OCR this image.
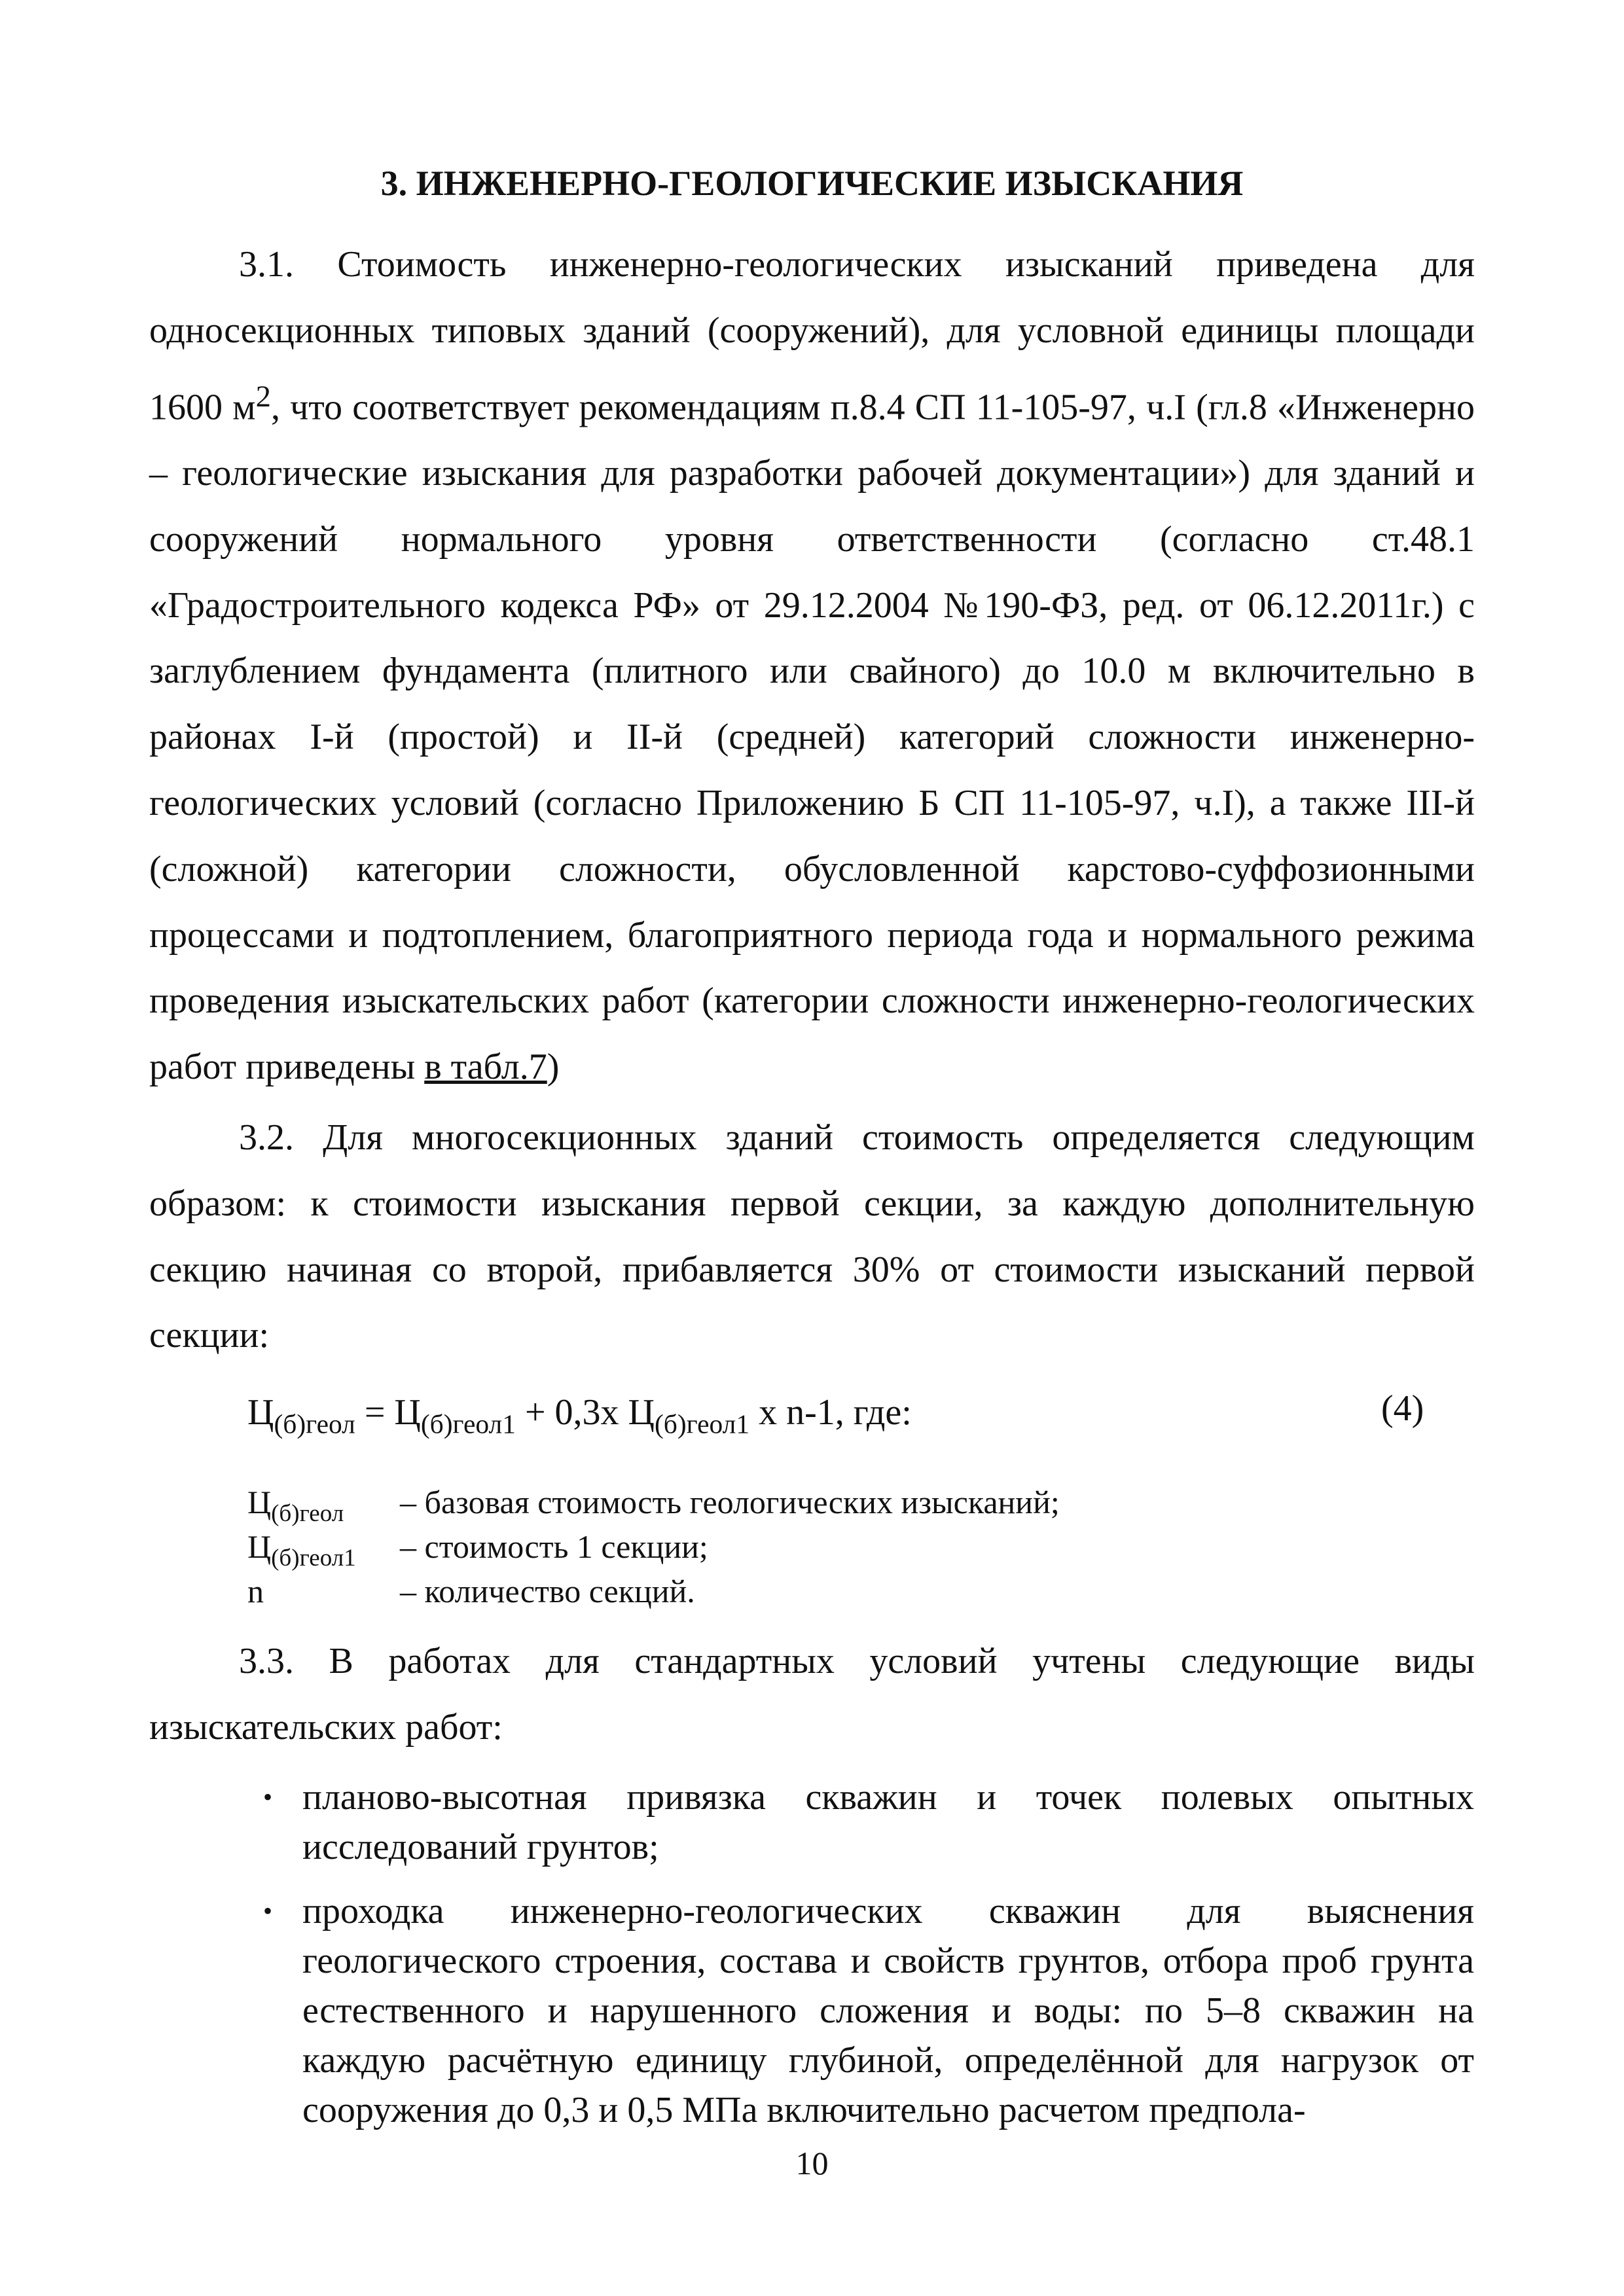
3. ИНЖЕНЕРНО-ГЕОЛОГИЧЕСКИЕ ИЗЫСКАНИЯ

3.1. Стоимость инженерно-геологических изысканий приведена для односекционных типовых зданий (сооружений), для условной единицы площади 1600 $м^2$, что соответствует рекомендациям п.8.4 СП 11-105-97, ч.I (гл.8 «Инженерно – геологические изыскания для разработки рабочей документации») для зданий и сооружений нормального уровня ответственности (согласно ст.48.1 «Градостроительного кодекса РФ» от 29.12.2004 №190-ФЗ, ред. от 06.12.2011г.) с заглублением фундамента (плитного или свайного) до 10.0 м включительно в районах I-й (простой) и II-й (средней) категорий сложности инженерно-геологических условий (согласно Приложению Б СП 11-105-97, ч.I), а также III-й (сложной) категории сложности, обусловленной карстово-суффозионными процессами и подтоплением, благоприятного периода года и нормального режима проведения изыскательских работ (категории сложности инженерно-геологических работ приведены в табл.7)

3.2. Для многосекционных зданий стоимость определяется следующим образом: к стоимости изыскания первой секции, за каждую дополнительную секцию начиная со второй, прибавляется 30% от стоимости изысканий первой секции:

$Ц_{(б)геол} = Ц_{(б)геол1} + 0,3х$ $Ц_{(б)геол1}$ х n-1, где:	(4)
$Ц_{(б)геол}$ – базовая стоимость геологических изысканий;
$Ц_{(б)геол1}$ – стоимость 1 секции;
n	– количество секций.

3.3. В работах для стандартных условий учтены следующие виды изыскательских работ:

• планово-высотная привязка скважин и точек полевых опытных исследований грунтов;
• проходка инженерно-геологических скважин для выяснения геологического строения, состава и свойств грунтов, отбора проб грунта естественного и нарушенного сложения и воды: по 5–8 скважин на каждую расчётную единицу глубиной, определённой для нагрузок от сооружения до 0,3 и 0,5 МПа включительно расчетом предпола-
10
